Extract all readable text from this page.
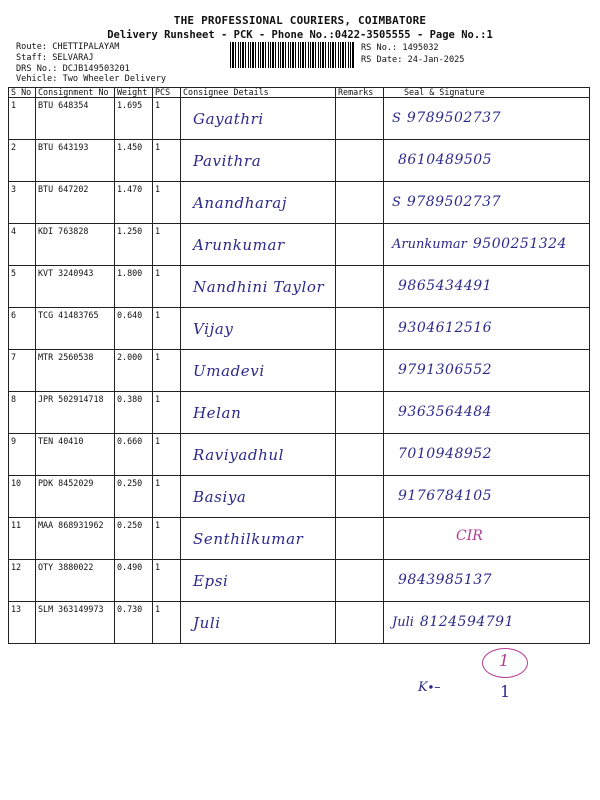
THE PROFESSIONAL COURIERS, COIMBATORE
Delivery Runsheet - PCK - Phone No.:0422-3505555 - Page No.:1
Route: CHETTIPALAYAM
Staff: SELVARAJ
DRS No.: DCJB149503201
Vehicle: Two Wheeler Delivery
RS No.: 1495032
RS Date: 24-Jan-2025
S No	Consignment No	Weight	PCS	Consignee Details	Remarks	Seal & Signature
1	BTU 648354	1.695	1	Gayathri		S 9789502737

2	BTU 643193	1.450	1	Pavithra		8610489505

3	BTU 647202	1.470	1	Anandharaj		S 9789502737

4	KDI 763828	1.250	1	Arunkumar		Arunkumar 9500251324

5	KVT 3240943	1.800	1	Nandhini Taylor		9865434491

6	TCG 41483765	0.640	1	Vijay		9304612516

7	MTR 2560538	2.000	1	Umadevi		9791306552

8	JPR 502914718	0.380	1	Helan		9363564484

9	TEN 40410	0.660	1	Raviyadhul		7010948952

10	PDK 8452029	0.250	1	Basiya		9176784105

11	MAA 868931962	0.250	1	Senthilkumar		CIR

12	OTY 3880022	0.490	1	Epsi		9843985137

13	SLM 363149973	0.730	1	Juli		Juli 8124594791
1
K∙–	1
